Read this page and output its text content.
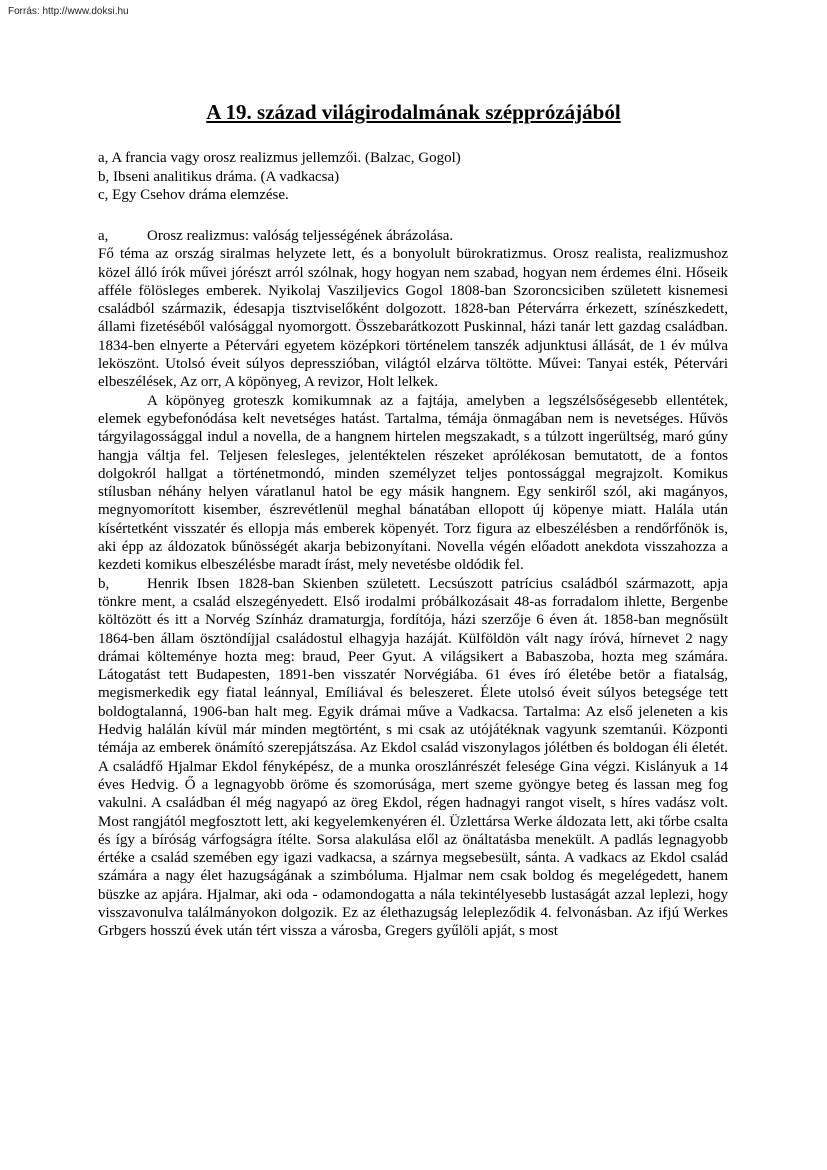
Forrás: http://www.doksi.hu
A 19. század világirodalmának szépprózájából
a, A francia vagy orosz realizmus jellemzői. (Balzac, Gogol)
b, Ibseni analitikus dráma. (A vadkacsa)
c, Egy Csehov dráma elemzése.

a,	Orosz realizmus: valóság teljességének ábrázolása.

Fő téma az ország siralmas helyzete lett, és a bonyolult bürokratizmus. Orosz realista, realizmushoz közel álló írók művei jórészt arról szólnak, hogy hogyan nem szabad, hogyan nem érdemes élni. Hőseik afféle fölösleges emberek. Nyikolaj Vasziljevics Gogol 1808-ban Szoroncsiciben született kisnemesi családból származik, édesapja tisztviselőként dolgozott. 1828-ban Pétervárra érkezett, színészkedett, állami fizetéséből valósággal nyomorgott. Összebarátkozott Puskinnal, házi tanár lett gazdag családban. 1834-ben elnyerte a Pétervári egyetem középkori történelem tanszék adjunktusi állását, de 1 év múlva leköszönt. Utolsó éveit súlyos depresszióban, világtól elzárva töltötte. Művei: Tanyai esték, Pétervári elbeszélések, Az orr, A köpönyeg, A revizor, Holt lelkek.

A köpönyeg groteszk komikumnak az a fajtája, amelyben a legszélsőségesebb ellentétek, elemek egybefonódása kelt nevetséges hatást. Tartalma, témája önmagában nem is nevetséges. Hűvös tárgyilagossággal indul a novella, de a hangnem hirtelen megszakadt, s a túlzott ingerültség, maró gúny hangja váltja fel. Teljesen felesleges, jelentéktelen részeket aprólékosan bemutatott, de a fontos dolgokról hallgat a történetmondó, minden személyzet teljes pontossággal megrajzolt. Komikus stílusban néhány helyen váratlanul hatol be egy másik hangnem. Egy senkiről szól, aki magányos, megnyomorított kisember, észrevétlenül meghal bánatában ellopott új köpenye miatt. Halála után kísértetként visszatér és ellopja más emberek köpenyét. Torz figura az elbeszélésben a rendőrfőnök is, aki épp az áldozatok bűnösségét akarja bebizonyítani. Novella végén előadott anekdota visszahozza a kezdeti komikus elbeszélésbe maradt írást, mely nevetésbe oldódik fel.

b,	Henrik Ibsen 1828-ban Skienben született. Lecsúszott patrícius családból származott, apja tönkre ment, a család elszegényedett. Első irodalmi próbálkozásait 48-as forradalom ihlette, Bergenbe költözött és itt a Norvég Színház dramaturgja, fordítója, házi szerzője 6 éven át. 1858-ban megnősült 1864-ben állam ösztöndíjjal családostul elhagyja hazáját. Külföldön vált nagy íróvá, hírnevet 2 nagy drámai költeménye hozta meg: braud, Peer Gyut. A világsikert a Babaszoba, hozta meg számára. Látogatást tett Budapesten, 1891-ben visszatér Norvégiába. 61 éves író életébe betör a fiatalság, megismerkedik egy fiatal leánnyal, Emíliával és beleszeret. Élete utolsó éveit súlyos betegsége tett boldogtalanná, 1906-ban halt meg. Egyik drámai műve a Vadkacsa. Tartalma: Az első jeleneten a kis Hedvig halálán kívül már minden megtörtént, s mi csak az utójátéknak vagyunk szemtanúi. Központi témája az emberek önámító szerepjátszása. Az Ekdol család viszonylagos jólétben és boldogan éli életét. A családfő Hjalmar Ekdol fényképész, de a munka oroszlánrészét felesége Gina végzi. Kislányuk a 14 éves Hedvig. Ő a legnagyobb öröme és szomorúsága, mert szeme gyöngye beteg és lassan meg fog vakulni. A családban él még nagyapó az öreg Ekdol, régen hadnagyi rangot viselt, s híres vadász volt. Most rangjától megfosztott lett, aki kegyelemkenyéren él. Üzlettársa Werke áldozata lett, aki tőrbe csalta és így a bíróság várfogságra ítélte. Sorsa alakulása elől az önáltatásba menekült. A padlás legnagyobb értéke a család szemében egy igazi vadkacsa, a szárnya megsebesült, sánta. A vadkacs az Ekdol család számára a nagy élet hazugságának a szimbóluma. Hjalmar nem csak boldog és megelégedett, hanem büszke az apjára. Hjalmar, aki oda - odamondogatta a nála tekintélyesebb lustaságát azzal leplezi, hogy visszavonulva találmányokon dolgozik. Ez az élethazugság lelepleződik 4. felvonásban. Az ifjú Werkes Grbgers hosszú évek után tért vissza a városba, Gregers gyűlöli apját, s most
